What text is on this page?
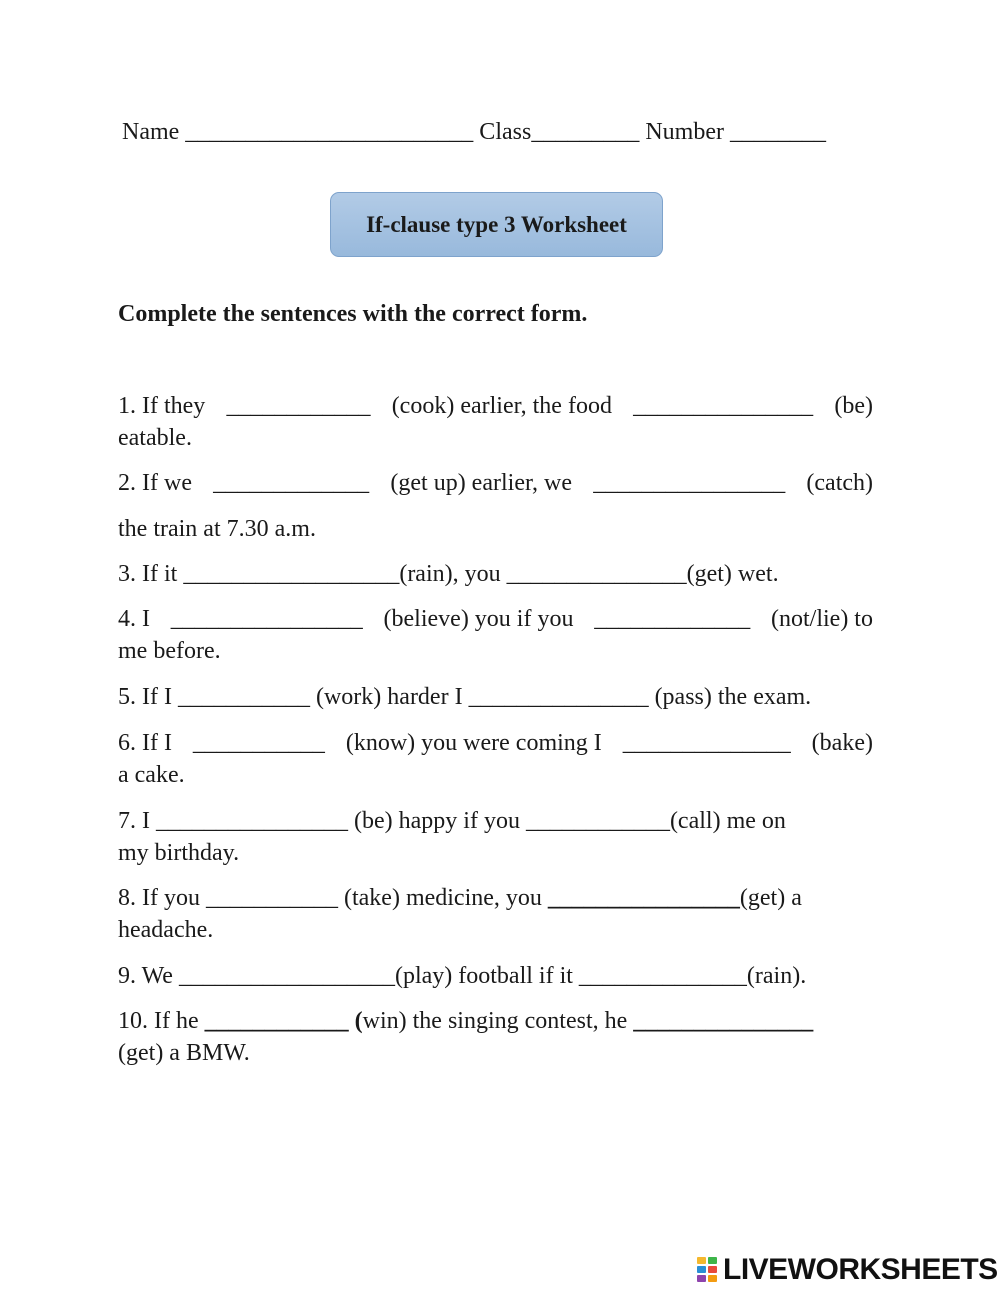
Name ________________________ Class_________ Number ________
If-clause type 3 Worksheet
Complete the sentences with the correct form.
1. If they ____________ (cook) earlier, the food _______________ (be)
eatable.
2. If we _____________ (get up) earlier, we ________________ (catch)
the train at 7.30 a.m.
3. If it __________________(rain), you _______________(get) wet.
4. I ________________ (believe) you if you _____________ (not/lie) to
me before.
5. If I ___________ (work) harder I _______________ (pass) the exam.
6. If I ___________ (know) you were coming I ______________ (bake)
a cake.
7. I ________________ (be) happy if you ____________(call) me on
my birthday.
8. If you ___________ (take) medicine, you ________________(get) a
headache.
9. We __________________(play) football if it ______________(rain).
10. If he ____________ (win) the singing contest, he _______________
(get) a BMW.
LIVEWORKSHEETS
